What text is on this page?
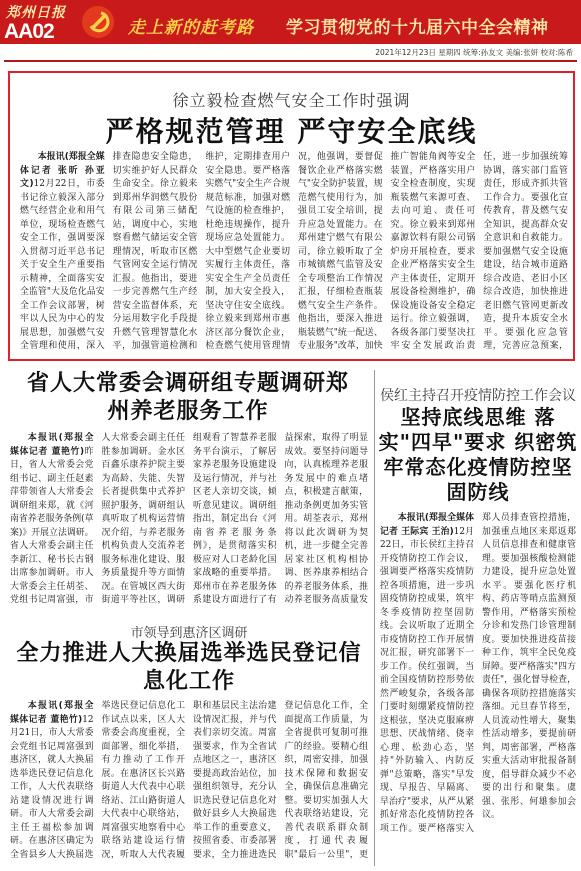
郑州日报
AA02	走上新的赶考路 学习贯彻党的十九届六中全会精神
2021年12月23日 星期四 统筹:孙友文 美编:张妍 校对:陈希
徐立毅检查燃气安全工作时强调
严格规范管理 严守安全底线

本报讯(郑报全媒体记者 张昕 孙亚文)12月22日，市委书记徐立毅深入部分燃气经营企业和用气单位，现场检查燃气安全工作，强调要深入贯彻习近平总书记关于安全生产重要指示精神，全面落实安全监管"大及危化品安全工作会议部署，树牢以人民为中心的发展思想，加强燃气安全管理和使用，深入排查隐患安全隐患，切实维护好人民群众生命安全。徐立毅来到郑州华润燃气股份有限公司第三储配站，调度中心，实地察看燃气储运安全管理情况，听取市区燃气管网安全运行情况汇报。他指出，要进一步完善燃气生产经营安全监督体系，充分运用数字化手段提升燃气管理智慧化水平，加强管道检测和维护，定期排查用户安全隐患。要严格落实燃气"安全生产合规规范标准，加强对燃气设施的检查维护，杜绝违规操作，提升现场应急处置能力。大中型燃气企业要切实履行主体责任，落实安全生产全员责任制，加大安全投入，坚决守住安全底线。徐立毅来到郑州市惠济区部分餐饮企业，检查燃气使用管理情况，他强调，要督促餐饮企业严格落实燃气"安全防护装置，规范燃气使用行为，加强员工安全培训，提升应急处置能力。在郑州建宁燃气有限公司，徐立毅听取了全市城镇燃气监管及安全专项整治工作情况汇报，仔细检查瓶装燃气安全生产条件。他指出，要深入推进瓶装燃气"统一配送、专业服务"改革，加快推广智能角阀等安全装置，严格落实用户安全检查制度，实现瓶装燃气来源可查、去向可追、责任可究。徐立毅来到郑州嘉源饮料有限公司锅炉房开展检查，要求企业严格落实安全生产主体责任，定期开展设备检测维护，确保设施设备安全稳定运行。徐立毅强调，各级各部门要坚决扛牢安全发展政治责任，进一步加强统筹协调，落实部门监管责任，形成齐抓共管工作合力。要强化宣传教育，普及燃气安全知识，提高群众安全意识和自救能力。要加强燃气安全设施建设，结合城市道路综合改造、老旧小区综合改造，加快推进老旧燃气管网更新改造，提升本质安全水平。要强化应急管理，完善应急预案，

省人大常委会调研组专题调研郑州养老服务工作

本报讯(郑报全媒体记者 董艳竹)昨日，省人大常委会党组书记、副主任赵素萍带领省人大常委会调研组来郑，就《河南省养老服务条例(草案)》开展立法调研。省人大常委会副主任李新江、秘书长古钢出席参加调研。市人大常委会主任胡荃、党组书记周富强，市人大常委会副主任任胜参加调研。金水区百鑫乐康养护院主要为高龄、失能、失智长者提供集中式养护照护服务，调研组认真听取了机构运营情况介绍，与养老服务机构负责人交流养老服务标准化建设、服务质量提升等方面情况。在管城区西大街街道平等社区，调研组观看了智慧养老服务平台演示，了解居家养老服务设施建设及运行情况，并与社区老人亲切交谈，倾听意见建议。调研组指出，制定出台《河南省养老服务条例》，是贯彻落实积极应对人口老龄化国家战略的重要举措。郑州市在养老服务体系建设方面进行了有益探索，取得了明显成效。要坚持问题导向，认真梳理养老服务发展中的难点堵点，积极建言献策，推动条例更加务实管用。胡荃表示，郑州将以此次调研为契机，进一步健全完善居家社区机构相协调、医养康养相结合的养老服务体系，推动养老服务高质量发

市领导到惠济区调研
全力推进人大换届选举选民登记信息化工作

本报讯(郑报全媒体记者 董艳竹)12月21日，市人大常委会党组书记周富强到惠济区，就人大换届选举选民登记信息化工作，人大代表联络站建设情况进行调研。市人大常委会副主任王福松参加调研。在惠济区确定为全省县乡人大换届选举选民登记信息化工作试点以来，区人大常委会高度重视，全面部署，细化举措，有力推动了工作开展。在惠济区长兴路街道人大代表中心联络站、江山路街道人大代表中心联络站，周富强实地察看中心联络站建设运行情况，听取人大代表履职和基层民主法治建设情况汇报，并与代表们亲切交流。周富强要求，作为全省试点地区之一，惠济区要提高政治站位，加强组织领导，充分认识选民登记信息化对做好县乡人大换届选举工作的重要意义，按照省委、市委部署要求，全力推进选民登记信息化工作，全面提高工作质量，为全省提供可复制可推广的经验。要精心组织，周密安排，加强技术保障和数据安全，确保信息准确完整。要切实加强人大代表联络站建设，完善代表联系群众制度，打通代表履职"最后一公里"，更

侯红主持召开疫情防控工作会议
坚持底线思维 落实"四早"要求 织密筑牢常态化疫情防控坚固防线

本报讯(郑报全媒体记者 王际宾 王治)12月22日，市长侯红主持召开疫情防控工作会议，强调要严格落实疫情防控各项措施，进一步巩固疫情防控成果，筑牢冬季疫情防控坚固防线。会议听取了近期全市疫情防控工作开展情况汇报，研究部署下一步工作。侯红强调，当前全国疫情防控形势依然严峻复杂，各级各部门要时刻绷紧疫情防控这根弦，坚决克服麻痹思想、厌战情绪、侥幸心理、松劲心态，坚持"外防输入、内防反弹"总策略，落实"早发现、早报告、早隔离、早治疗"要求，从严从紧抓好常态化疫情防控各项工作。要严格落实入郑人员排查管控措施，加强重点地区来郑返郑人员信息排查和健康管理。要加强核酸检测能力建设，提升应急处置水平。要强化医疗机构、药店等哨点监测预警作用，严格落实预检分诊和发热门诊管理制度。要加快推进疫苗接种工作，筑牢全民免疫屏障。要严格落实"四方责任"，强化督导检查，确保各项防控措施落实落细。元旦春节将至，人员流动性增大，聚集性活动增多，要提前研判，周密部署，严格落实重大活动审批报备制度，倡导群众减少不必要的出行和聚集。虞强、张彤、何雄参加会议。
